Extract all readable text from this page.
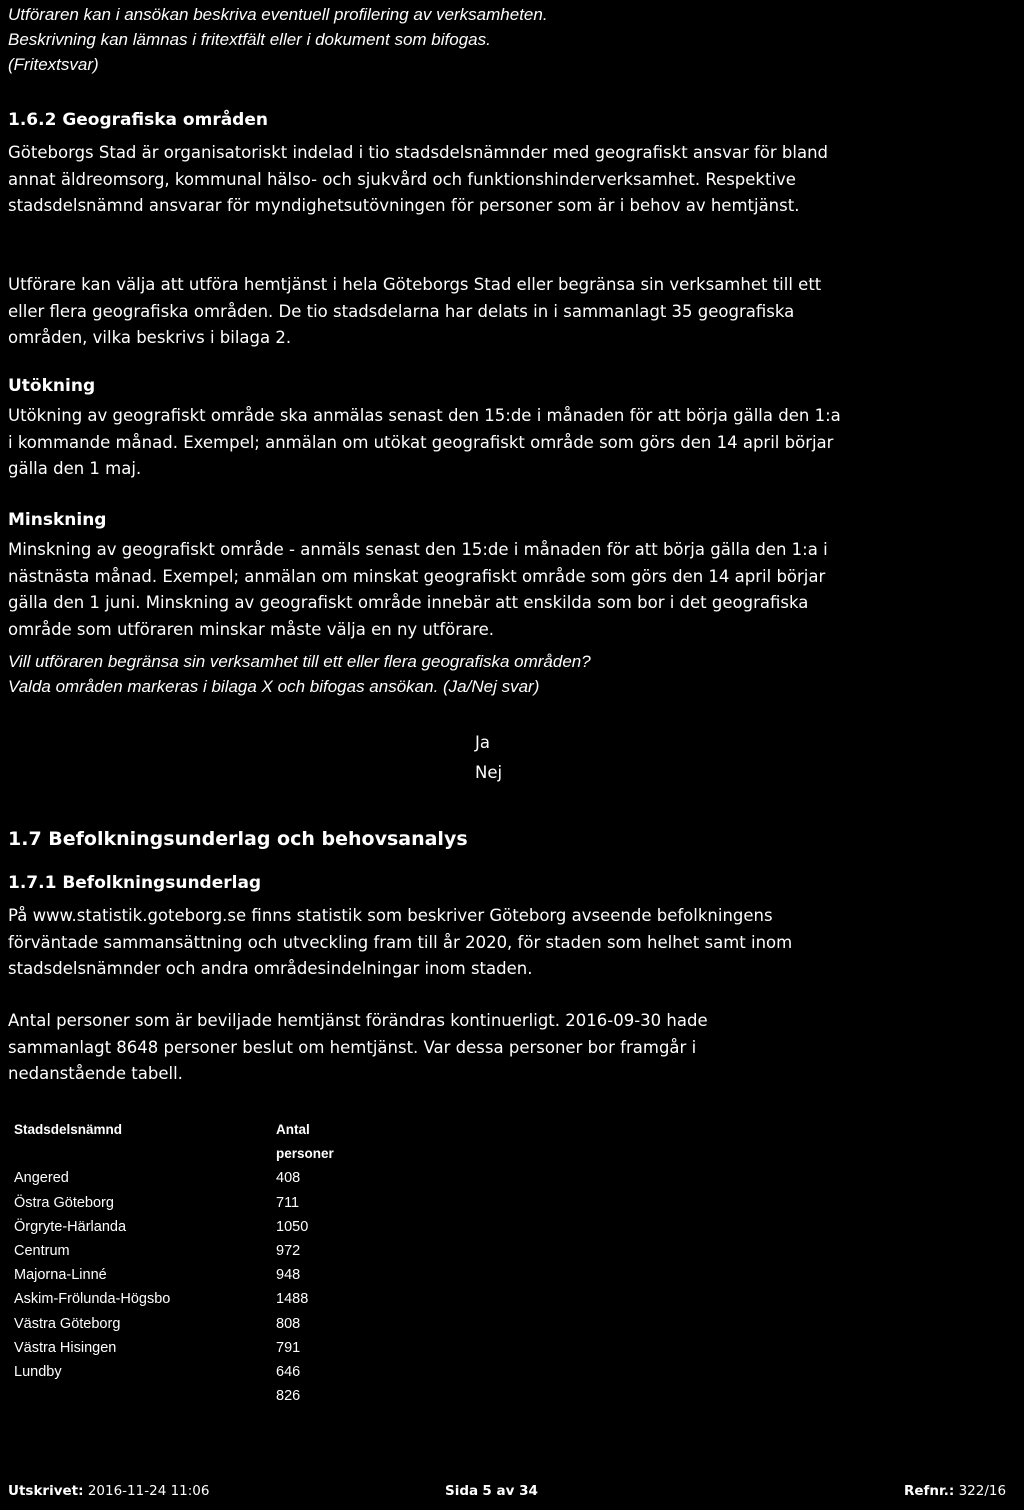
Utföraren kan i ansökan beskriva eventuell profilering av verksamheten. Beskrivning kan lämnas i fritextfält eller i dokument som bifogas. (Fritextsvar)

1.6.2 Geografiska områden

Göteborgs Stad är organisatoriskt indelad i tio stadsdelsnämnder med geografiskt ansvar för bland annat äldreomsorg, kommunal hälso- och sjukvård och funktionshinderverksamhet. Respektive stadsdelsnämnd ansvarar för myndighetsutövningen för personer som är i behov av hemtjänst.

Utförare kan välja att utföra hemtjänst i hela Göteborgs Stad eller begränsa sin verksamhet till ett eller flera geografiska områden. De tio stadsdelarna har delats in i sammanlagt 35 geografiska områden, vilka beskrivs i bilaga 2.

Utökning

Utökning av geografiskt område ska anmälas senast den 15:de i månaden för att börja gälla den 1:a i kommande månad. Exempel; anmälan om utökat geografiskt område som görs den 14 april börjar gälla den 1 maj.

Minskning

Minskning av geografiskt område - anmäls senast den 15:de i månaden för att börja gälla den 1:a i nästnästa månad. Exempel; anmälan om minskat geografiskt område som görs den 14 april börjar gälla den 1 juni. Minskning av geografiskt område innebär att enskilda som bor i det geografiska område som utföraren minskar måste välja en ny utförare.

Vill utföraren begränsa sin verksamhet till ett eller flera geografiska områden? Valda områden markeras i bilaga X och bifogas ansökan. (Ja/Nej svar)

Ja
Nej
1.7 Befolkningsunderlag och behovsanalys
1.7.1 Befolkningsunderlag

På www.statistik.goteborg.se finns statistik som beskriver Göteborg avseende befolkningens förväntade sammansättning och utveckling fram till år 2020, för staden som helhet samt inom stadsdelsnämnder och andra områdesindelningar inom staden.

Antal personer som är beviljade hemtjänst förändras kontinuerligt. 2016-09-30 hade sammanlagt 8648 personer beslut om hemtjänst. Var dessa personer bor framgår i nedanstående tabell.

Stadsdelsnämnd	Antal
	personer
Angered	408
Östra Göteborg	711
Örgryte-Härlanda	1050
Centrum	972
Majorna-Linné	948
Askim-Frölunda-Högsbo	1488
Västra Göteborg	808
Västra Hisingen	791
Lundby	646
	826
Utskrivet: 2016-11-24 11:06	Sida 5 av 34	Refnr.: 322/16
